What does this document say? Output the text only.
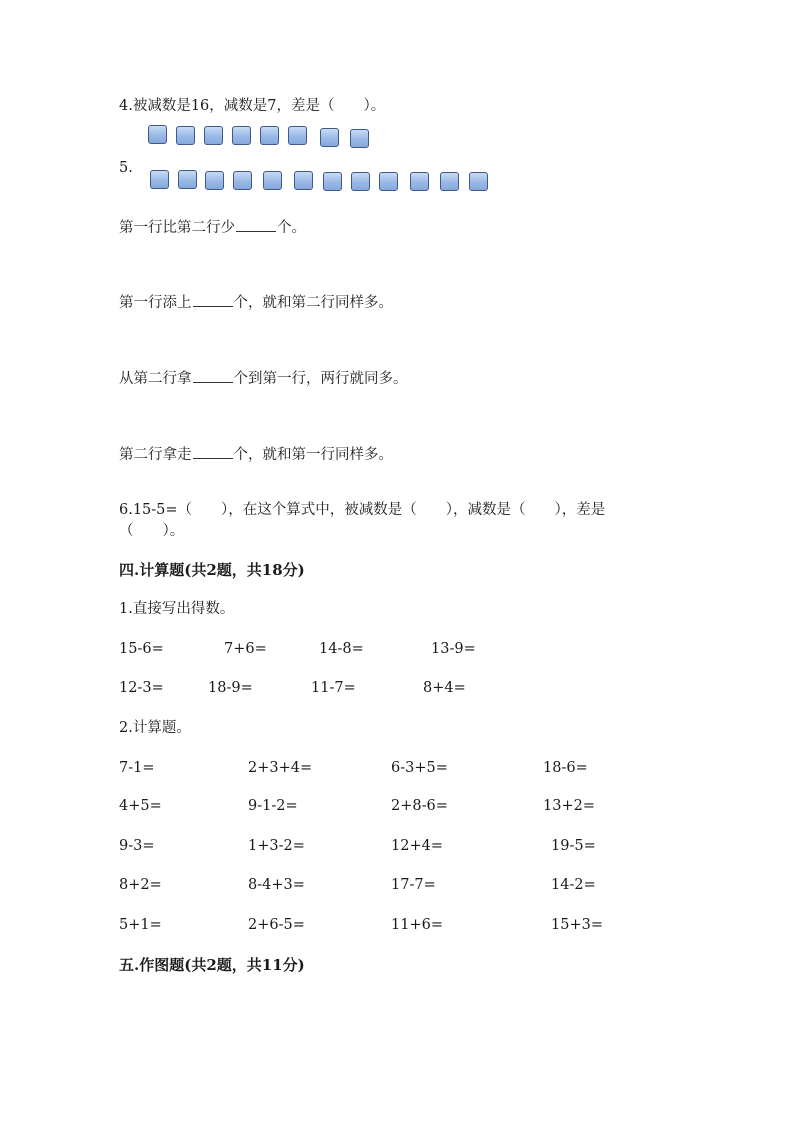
4.被减数是16，减数是7，差是（　　）。
5.
第一行比第二行少	个。
第一行添上	个，就和第二行同样多。
从第二行拿	个到第一行，两行就同多。
第二行拿走	个，就和第一行同样多。
6.15-5=（　　），在这个算式中，被减数是（　　），减数是（　　），差是
（　　）。
四.计算题(共2题，共18分)
1.直接写出得数。
15-6=	7+6=	14-8=	13-9=
12-3=	18-9=	11-7=	8+4=
2.计算题。
7-1=	2+3+4=	6-3+5=	18-6=
4+5=	9-1-2=	2+8-6=	13+2=
9-3=	1+3-2=	12+4=	19-5=
8+2=	8-4+3=	17-7=	14-2=
5+1=	2+6-5=	11+6=	15+3=
五.作图题(共2题，共11分)
